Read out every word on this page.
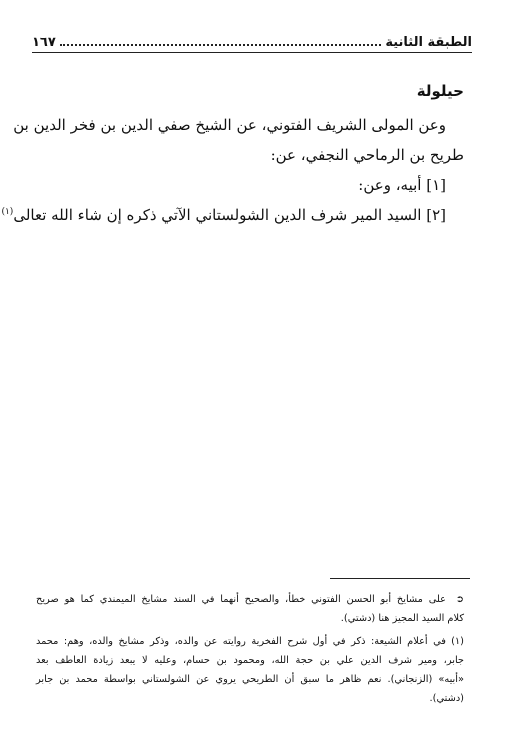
الطبقة الثانية
١٦٧
حيلولة
وعن المولى الشريف الفتوني، عن الشيخ صفي الدين بن فخر الدين بن
طريح بن الرماحي النجفي، عن:
[١] أبيه، وعن:
[٢] السيد المير شرف الدين الشولستاني الآتي ذكره إن شاء الله تعالى$^{(١)}$
➲على مشايخ أبو الحسن الفتوني خطأ، والصحيح أنهما في السند مشايخ الميمندي كما هو صريح
كلام السيد المجيز هنا (دشتي).
(١)في أعلام الشيعة: ذكر في أول شرح الفخرية روايته عن والده، وذكر مشايخ والده، وهم: محمد
جابر، ومير شرف الدين علي بن حجة الله، ومحمود بن حسام، وعليه لا يبعد زيادة العاطف بعد
«أبيه» (الزنجاني). نعم ظاهر ما سبق أن الطريحي يروي عن الشولستاني بواسطة محمد بن جابر
(دشتي).
